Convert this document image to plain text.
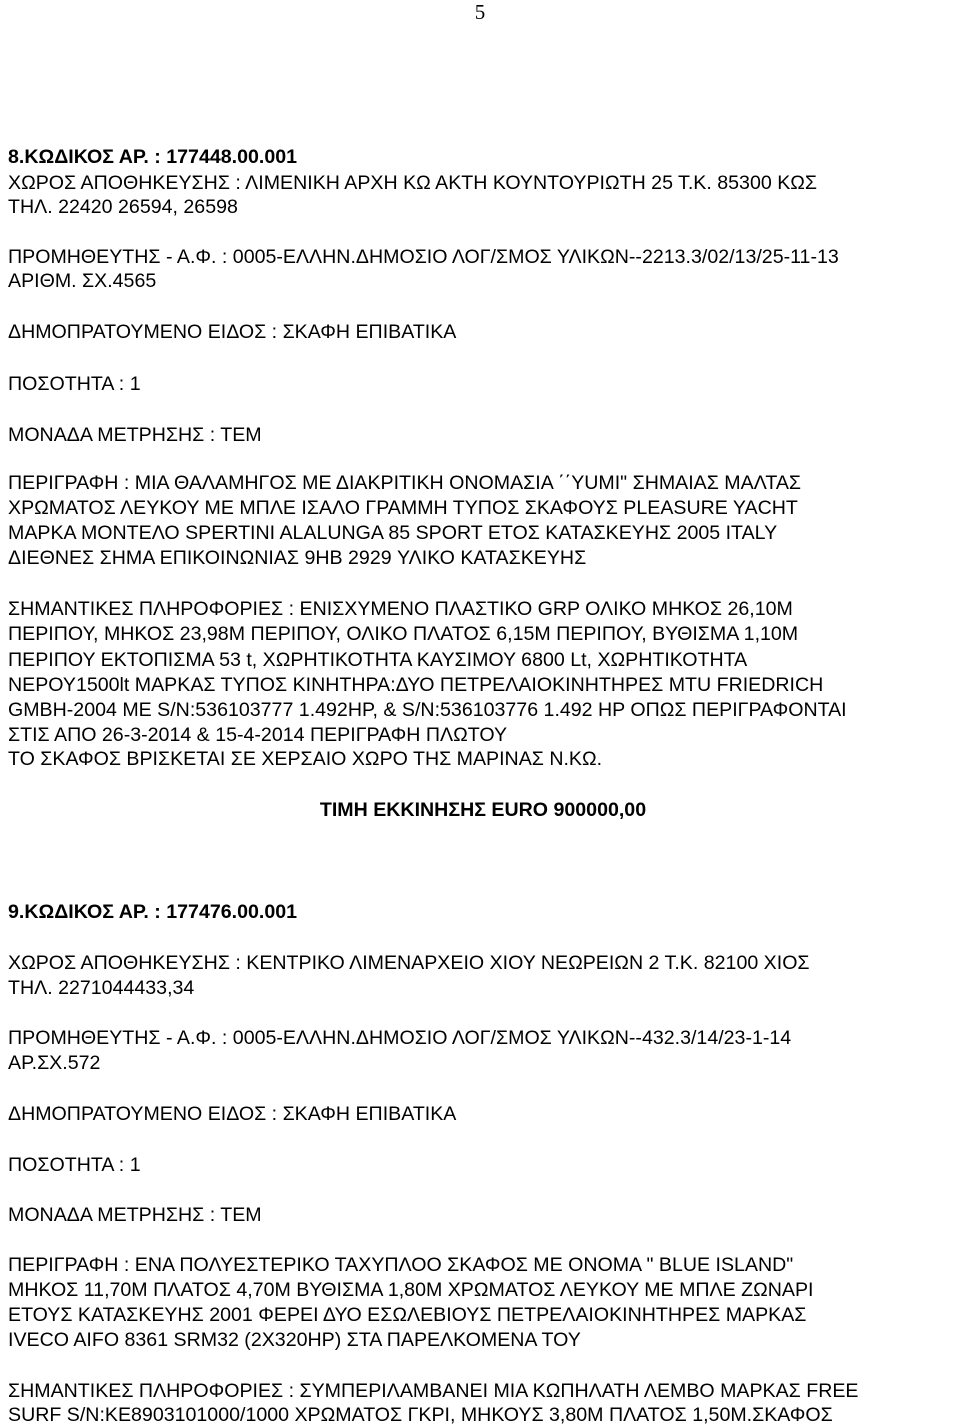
5
8.ΚΩΔΙΚΟΣ ΑΡ. : 177448.00.001
ΧΩΡΟΣ ΑΠΟΘΗΚΕΥΣΗΣ : ΛΙΜΕΝΙΚΗ ΑΡΧΗ ΚΩ ΑΚΤΗ ΚΟΥΝΤΟΥΡΙΩΤΗ 25 Τ.Κ. 85300 ΚΩΣ
ΤΗΛ. 22420 26594, 26598
ΠΡΟΜΗΘΕΥΤΗΣ - Α.Φ. : 0005-ΕΛΛΗΝ.ΔΗΜΟΣΙΟ ΛΟΓ/ΣΜΟΣ ΥΛΙΚΩΝ--2213.3/02/13/25-11-13
ΑΡΙΘΜ. ΣΧ.4565
ΔΗΜΟΠΡΑΤΟΥΜΕΝΟ ΕΙΔΟΣ : ΣΚΑΦΗ ΕΠΙΒΑΤΙΚΑ
ΠΟΣΟΤΗΤΑ : 1
ΜΟΝΑΔΑ ΜΕΤΡΗΣΗΣ : ΤΕΜ
ΠΕΡΙΓΡΑΦΗ : ΜΙΑ ΘΑΛΑΜΗΓΟΣ ΜΕ ΔΙΑΚΡΙΤΙΚΗ ΟΝΟΜΑΣΙΑ ΄΄YUMI" ΣΗΜΑΙΑΣ ΜΑΛΤΑΣ
ΧΡΩΜΑΤΟΣ ΛΕΥΚΟΥ ΜΕ ΜΠΛΕ ΙΣΑΛΟ ΓΡΑΜΜΗ ΤΥΠΟΣ ΣΚΑΦΟΥΣ PLEASURE YACHT
ΜΑΡΚΑ ΜΟΝΤΕΛΟ SPERTINI ALALUNGA 85 SPORT ΕΤΟΣ ΚΑΤΑΣΚΕΥΗΣ 2005 ITALY
ΔΙΕΘΝΕΣ ΣΗΜΑ ΕΠΙΚΟΙΝΩΝΙΑΣ 9HB 2929 ΥΛΙΚΟ ΚΑΤΑΣΚΕΥΗΣ
ΣΗΜΑΝΤΙΚΕΣ ΠΛΗΡΟΦΟΡΙΕΣ : ΕΝΙΣΧΥΜΕΝΟ ΠΛΑΣΤΙΚΟ GRP ΟΛΙΚΟ ΜΗΚΟΣ 26,10Μ
ΠΕΡΙΠΟΥ, ΜΗΚΟΣ 23,98Μ ΠΕΡΙΠΟΥ, ΟΛΙΚΟ ΠΛΑΤΟΣ 6,15Μ ΠΕΡΙΠΟΥ, ΒΥΘΙΣΜΑ 1,10Μ
ΠΕΡΙΠΟΥ ΕΚΤΟΠΙΣΜΑ 53 t, ΧΩΡΗΤΙΚΟΤΗΤΑ ΚΑΥΣΙΜΟΥ 6800 Lt, ΧΩΡΗΤΙΚΟΤΗΤΑ
ΝΕΡΟΥ1500lt ΜΑΡΚΑΣ ΤΥΠΟΣ ΚΙΝΗΤΗΡΑ:ΔΥΟ ΠΕΤΡΕΛΑΙΟΚΙΝΗΤΗΡΕΣ MTU FRIEDRICH
GMBH-2004 ΜΕ S/N:536103777 1.492HP, & S/N:536103776 1.492 HP ΟΠΩΣ ΠΕΡΙΓΡΑΦΟΝΤΑΙ
ΣΤΙΣ ΑΠΟ 26-3-2014 & 15-4-2014 ΠΕΡΙΓΡΑΦΗ ΠΛΩΤΟΥ
ΤΟ ΣΚΑΦΟΣ ΒΡΙΣΚΕΤΑΙ ΣΕ ΧΕΡΣΑΙΟ ΧΩΡΟ ΤΗΣ ΜΑΡΙΝΑΣ Ν.ΚΩ.
ΤΙΜΗ ΕΚΚΙΝΗΣΗΣ EURO 900000,00
9.ΚΩΔΙΚΟΣ ΑΡ. : 177476.00.001
ΧΩΡΟΣ ΑΠΟΘΗΚΕΥΣΗΣ : ΚΕΝΤΡΙΚΟ ΛΙΜΕΝΑΡΧΕΙΟ ΧΙΟΥ ΝΕΩΡΕΙΩΝ 2 Τ.Κ. 82100 ΧΙΟΣ
ΤΗΛ. 2271044433,34
ΠΡΟΜΗΘΕΥΤΗΣ - Α.Φ. : 0005-ΕΛΛΗΝ.ΔΗΜΟΣΙΟ ΛΟΓ/ΣΜΟΣ ΥΛΙΚΩΝ--432.3/14/23-1-14
ΑΡ.ΣΧ.572
ΔΗΜΟΠΡΑΤΟΥΜΕΝΟ ΕΙΔΟΣ : ΣΚΑΦΗ ΕΠΙΒΑΤΙΚΑ
ΠΟΣΟΤΗΤΑ : 1
ΜΟΝΑΔΑ ΜΕΤΡΗΣΗΣ : ΤΕΜ
ΠΕΡΙΓΡΑΦΗ : ΕΝΑ ΠΟΛΥΕΣΤΕΡΙΚΟ ΤΑΧΥΠΛΟΟ ΣΚΑΦΟΣ ΜΕ ΟΝΟΜΑ " BLUE ISLAND"
ΜΗΚΟΣ 11,70Μ ΠΛΑΤΟΣ 4,70Μ ΒΥΘΙΣΜΑ 1,80Μ ΧΡΩΜΑΤΟΣ ΛΕΥΚΟΥ ΜΕ ΜΠΛΕ ΖΩΝΑΡΙ
ΕΤΟΥΣ ΚΑΤΑΣΚΕΥΗΣ 2001 ΦΕΡΕΙ ΔΥΟ ΕΣΩΛΕΒΙΟΥΣ ΠΕΤΡΕΛΑΙΟΚΙΝΗΤΗΡΕΣ ΜΑΡΚΑΣ
IVECO AIFO 8361 SRM32 (2Χ320HP) ΣΤΑ ΠΑΡΕΛΚΟΜΕΝΑ ΤΟΥ
ΣΗΜΑΝΤΙΚΕΣ ΠΛΗΡΟΦΟΡΙΕΣ : ΣΥΜΠΕΡΙΛΑΜΒΑΝΕΙ ΜΙΑ ΚΩΠΗΛΑΤΗ ΛΕΜΒΟ ΜΑΡΚΑΣ FREE
SURF S/N:KE8903101000/1000 ΧΡΩΜΑΤΟΣ ΓΚΡΙ, ΜΗΚΟΥΣ 3,80Μ ΠΛΑΤΟΣ 1,50Μ.ΣΚΑΦΟΣ
